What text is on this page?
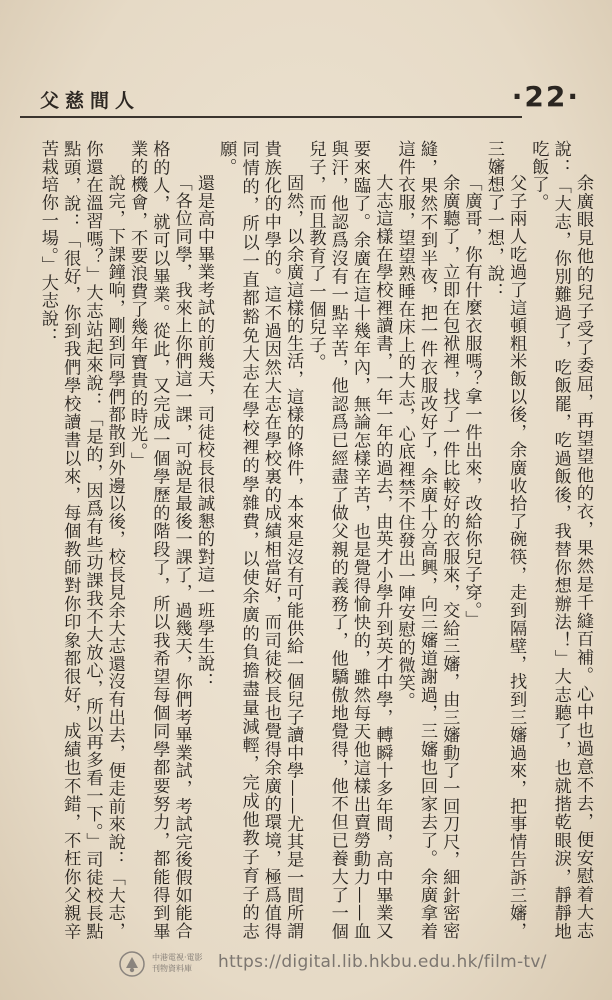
父慈間人	·22·

余廣眼見他的兒子受了委屈，再望望他的衣，果然是千縫百補。心中也過意不去，便安慰着大志說：「大志，你別難過了，吃飯罷，吃過飯後，我替你想辦法！」大志聽了，也就揩乾眼淚，靜靜地吃飯了。

父子兩人吃過了這頓粗米飯以後，余廣收拾了碗筷，走到隔壁，找到三嬸過來，把事情告訴三嬸，三嬸想了一想，說：

「廣哥，你有什麼衣服嗎？拿一件出來，改給你兒子穿。」

余廣聽了，立即在包袱裡，找了一件比較好的衣服來，交給三嬸，由三嬸動了一回刀尺，細針密密縫，果然不到半夜，把一件衣服改好了，余廣十分高興，向三嬸道謝過，三嬸也回家去了。余廣拿着這件衣服，望望熟睡在床上的大志，心底裡禁不住發出一陣安慰的微笑。

大志這樣在學校裡讀書，一年一年的過去，由英才小學升到英才中學，轉瞬十多年間，高中畢業又要來臨了。余廣在這十幾年內，無論怎樣辛苦，也是覺得愉快的，雖然每天他這樣出賣勞動力——血與汗，他認爲沒有一點辛苦，他認爲已經盡了做父親的義務了，他驕傲地覺得，他不但已養大了一個兒子，而且教育了一個兒子。

固然，以余廣這樣的生活，這樣的條件，本來是沒有可能供給一個兒子讀中學——尤其是一間所謂貴族化的中學的。這不過因然大志在學校裏的成績相當好，而司徒校長也覺得余廣的環境，極爲值得同情的，所以一直都豁免大志在學校裡的學雜費，以使余廣的負擔盡量減輕，完成他教子育子的志願。

還是高中畢業考試的前幾天，司徒校長很誠懇的對這一班學生說：

「各位同學，我來上你們這一課，可說是最後一課了，過幾天，你們考畢業試，考試完後假如能合格的人，就可以畢業。從此，又完成一個學歷的階段了，所以我希望每個同學都要努力，都能得到畢業的機會，不要浪費了幾年寶貴的時光。」

說完，下課鐘响，剛到同學們都散到外邊以後，校長見余大志還沒有出去，便走前來說：「大志，你還在溫習嗎？」大志站起來說：「是的，因爲有些功課我不大放心，所以再多看一下。」司徒校長點點頭，說：「很好，你到我們學校讀書以來，每個教師對你印象都很好，成績也不錯，不枉你父親辛苦栽培你一場。」大志說：

中港電視·電影
刊物資料庫	https://digital.lib.hkbu.edu.hk/film-tv/
